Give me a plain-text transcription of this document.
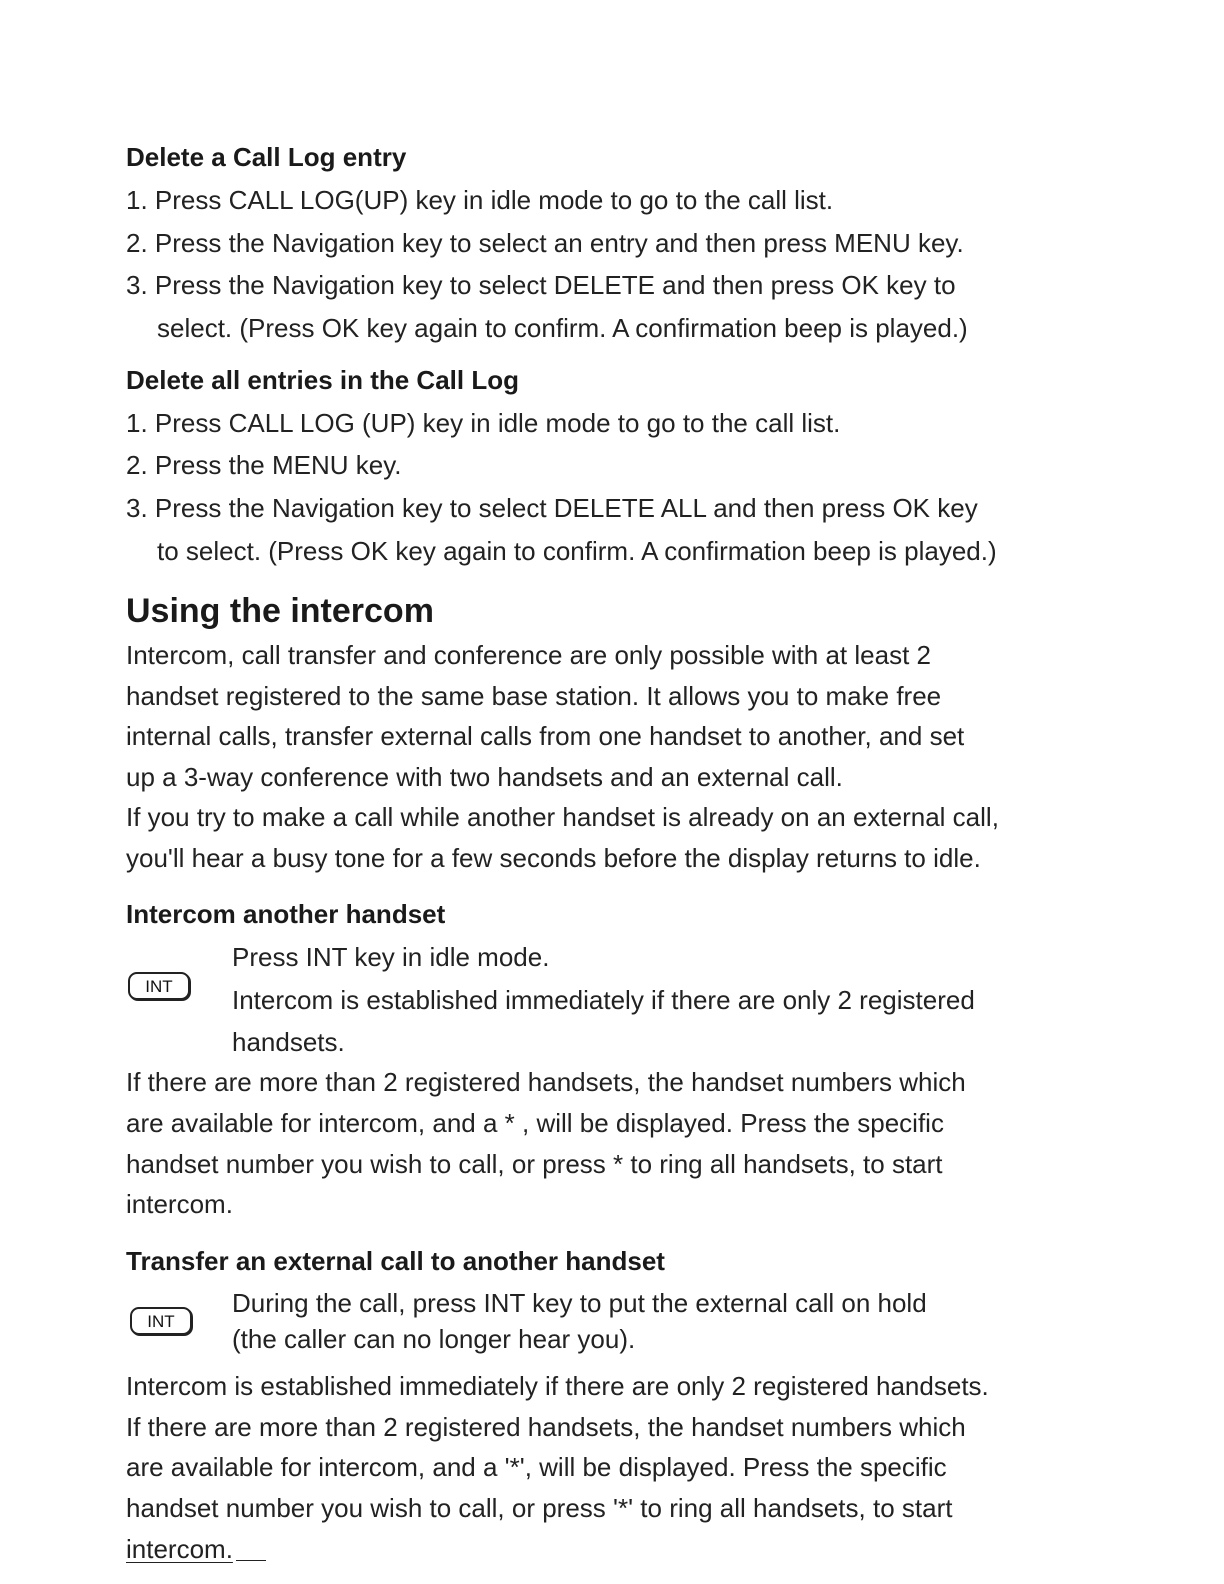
Delete a Call Log entry
1. Press CALL LOG(UP) key in idle mode to go to the call list.
2. Press the Navigation key to select an entry and then press MENU key.
3. Press the Navigation key to select DELETE and then press OK key to
select. (Press OK key again to confirm. A confirmation beep is played.)
Delete all entries in the Call Log
1. Press CALL LOG (UP) key in idle mode to go to the call list.
2. Press the MENU key.
3. Press the Navigation key to select DELETE ALL and then press OK key
to select. (Press OK key again to confirm. A confirmation beep is played.)
Using the intercom
Intercom, call transfer and conference are only possible with at least 2
handset registered to the same base station. It allows you to make free
internal calls, transfer external calls from one handset to another, and set
up a 3-way conference with two handsets and an external call.
If you try to make a call while another handset is already on an external call,
you'll hear a busy tone for a few seconds before the display returns to idle.
Intercom another handset
INT
Press INT key in idle mode.
Intercom is established immediately if there are only 2 registered
handsets.
If there are more than 2 registered handsets, the handset numbers which
are available for intercom, and a * , will be displayed. Press the specific
handset number you wish to call, or press * to ring all handsets, to start
intercom.
Transfer an external call to another handset
INT
During the call, press INT key to put the external call on hold
(the caller can no longer hear you).
Intercom is established immediately if there are only 2 registered handsets.
If there are more than 2 registered handsets, the handset numbers which
are available for intercom, and a '*', will be displayed. Press the specific
handset number you wish to call, or press '*' to ring all handsets, to start
intercom.
